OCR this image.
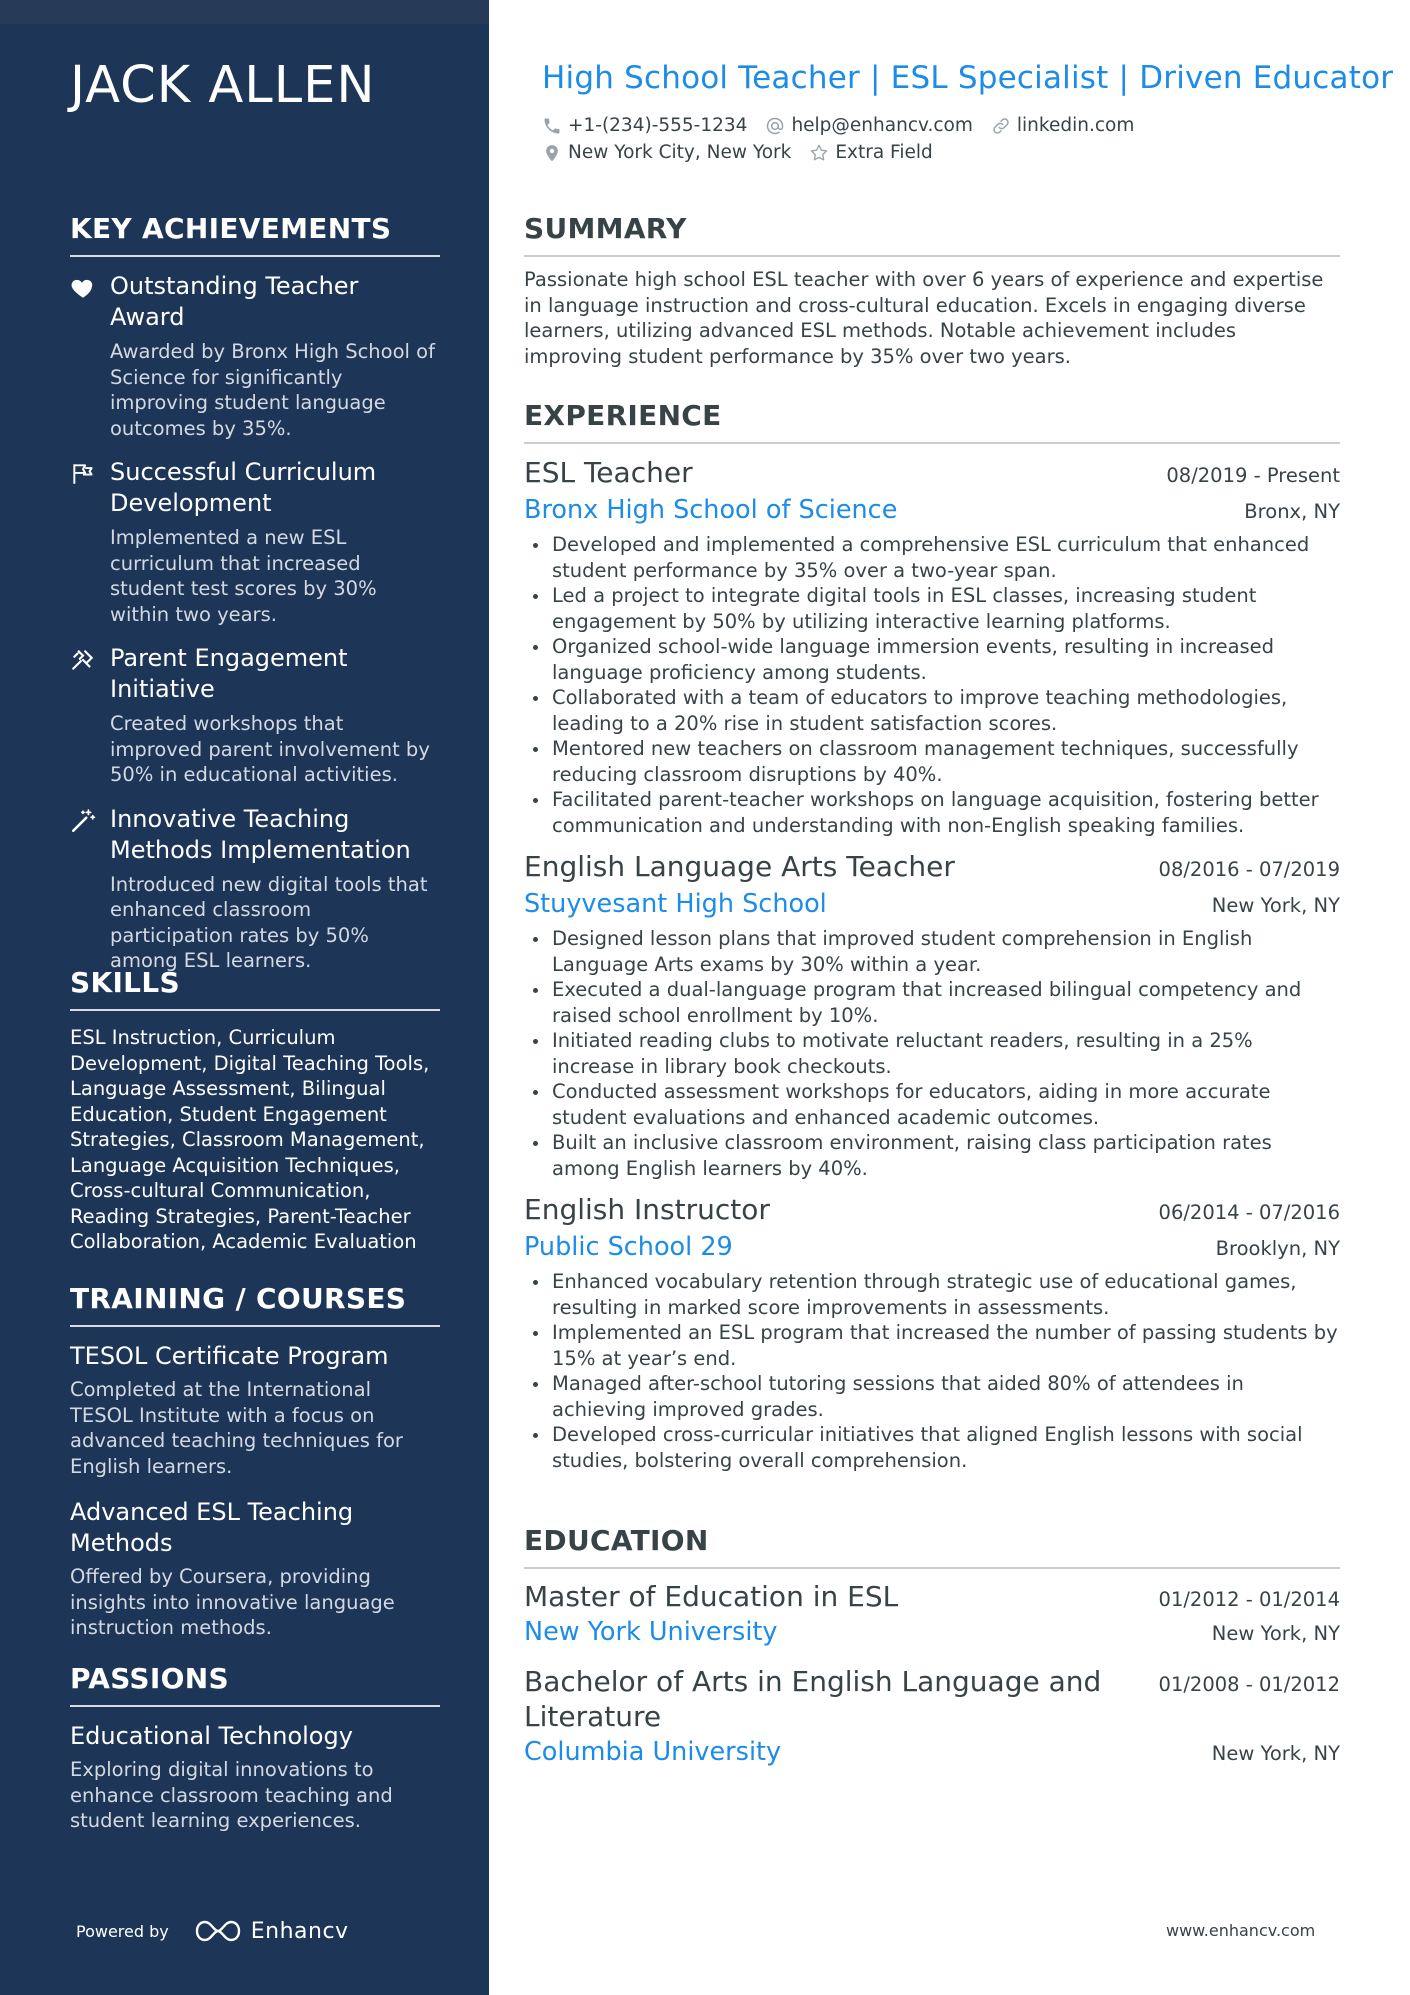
JACK ALLEN
KEY ACHIEVEMENTS
Outstanding Teacher Award
Awarded by Bronx High School of Science for significantly improving student language outcomes by 35%.
Successful Curriculum Development
Implemented a new ESL curriculum that increased student test scores by 30% within two years.
Parent Engagement Initiative
Created workshops that improved parent involvement by 50% in educational activities.
Innovative Teaching Methods Implementation
Introduced new digital tools that enhanced classroom participation rates by 50% among ESL learners.
SKILLS
ESL Instruction, Curriculum Development, Digital Teaching Tools, Language Assessment, Bilingual Education, Student Engagement Strategies, Classroom Management, Language Acquisition Techniques, Cross-cultural Communication, Reading Strategies, Parent-Teacher Collaboration, Academic Evaluation
TRAINING / COURSES
TESOL Certificate Program
Completed at the International TESOL Institute with a focus on advanced teaching techniques for English learners.
Advanced ESL Teaching Methods
Offered by Coursera, providing insights into innovative language instruction methods.
PASSIONS
Educational Technology
Exploring digital innovations to enhance classroom teaching and student learning experiences.
Powered by	Enhancv
High School Teacher | ESL Specialist | Driven Educator
+1-(234)-555-1234 help@enhancv.com linkedin.com
New York City, New York Extra Field
SUMMARY

Passionate high school ESL teacher with over 6 years of experience and expertise in language instruction and cross-cultural education. Excels in engaging diverse learners, utilizing advanced ESL methods. Notable achievement includes improving student performance by 35% over two years.

EXPERIENCE
ESL Teacher	08/2019 - Present
Bronx High School of Science	Bronx, NY
Developed and implemented a comprehensive ESL curriculum that enhanced student performance by 35% over a two-year span.
Led a project to integrate digital tools in ESL classes, increasing student engagement by 50% by utilizing interactive learning platforms.
Organized school-wide language immersion events, resulting in increased language proficiency among students.
Collaborated with a team of educators to improve teaching methodologies, leading to a 20% rise in student satisfaction scores.
Mentored new teachers on classroom management techniques, successfully reducing classroom disruptions by 40%.
Facilitated parent-teacher workshops on language acquisition, fostering better communication and understanding with non-English speaking families.
English Language Arts Teacher	08/2016 - 07/2019
Stuyvesant High School	New York, NY
Designed lesson plans that improved student comprehension in English Language Arts exams by 30% within a year.
Executed a dual-language program that increased bilingual competency and raised school enrollment by 10%.
Initiated reading clubs to motivate reluctant readers, resulting in a 25% increase in library book checkouts.
Conducted assessment workshops for educators, aiding in more accurate student evaluations and enhanced academic outcomes.
Built an inclusive classroom environment, raising class participation rates among English learners by 40%.
English Instructor	06/2014 - 07/2016
Public School 29	Brooklyn, NY
Enhanced vocabulary retention through strategic use of educational games, resulting in marked score improvements in assessments.
Implemented an ESL program that increased the number of passing students by 15% at year’s end.
Managed after-school tutoring sessions that aided 80% of attendees in achieving improved grades.
Developed cross-curricular initiatives that aligned English lessons with social studies, bolstering overall comprehension.
EDUCATION
Master of Education in ESL	01/2012 - 01/2014
New York University	New York, NY
Bachelor of Arts in English Language and Literature
01/2008 - 01/2012
Columbia University	New York, NY
www.enhancv.com
